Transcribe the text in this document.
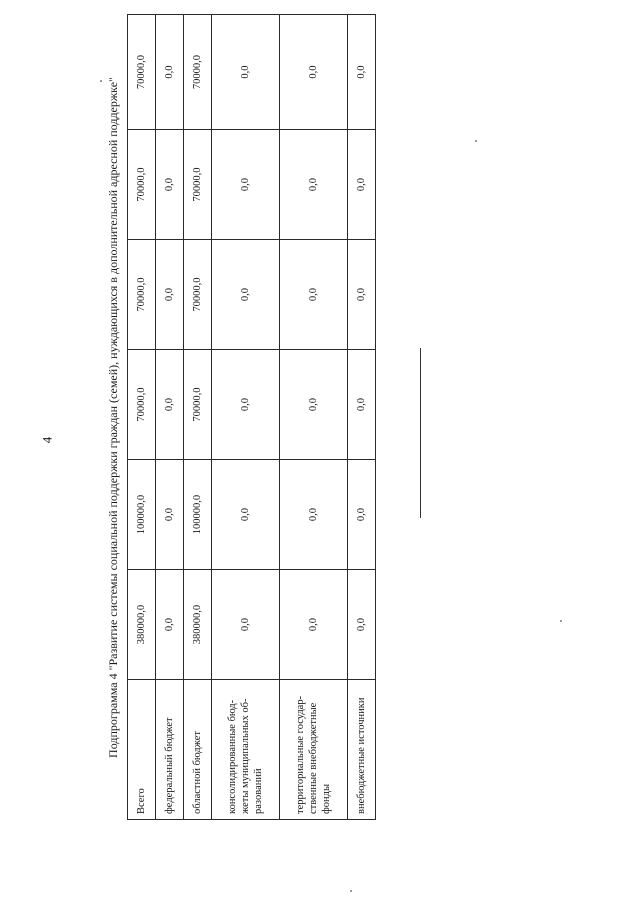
4	Подпрограмма 4 "Развитие системы социальной поддержки граждан (семей), нуждающихся в дополнительной адресной поддержке"
Всего	380000,0	100000,0	70000,0	70000,0	70000,0	70000,0
федеральный бюджет	0,0	0,0	0,0	0,0	0,0	0,0
областной бюджет	380000,0	100000,0	70000,0	70000,0	70000,0	70000,0
консолидированные бюд-жеты муниципальных об-разований	0,0	0,0	0,0	0,0	0,0	0,0
территориальные государ-ственные внебюджетные фонды	0,0	0,0	0,0	0,0	0,0	0,0
внебюджетные источники	0,0	0,0	0,0	0,0	0,0	0,0
